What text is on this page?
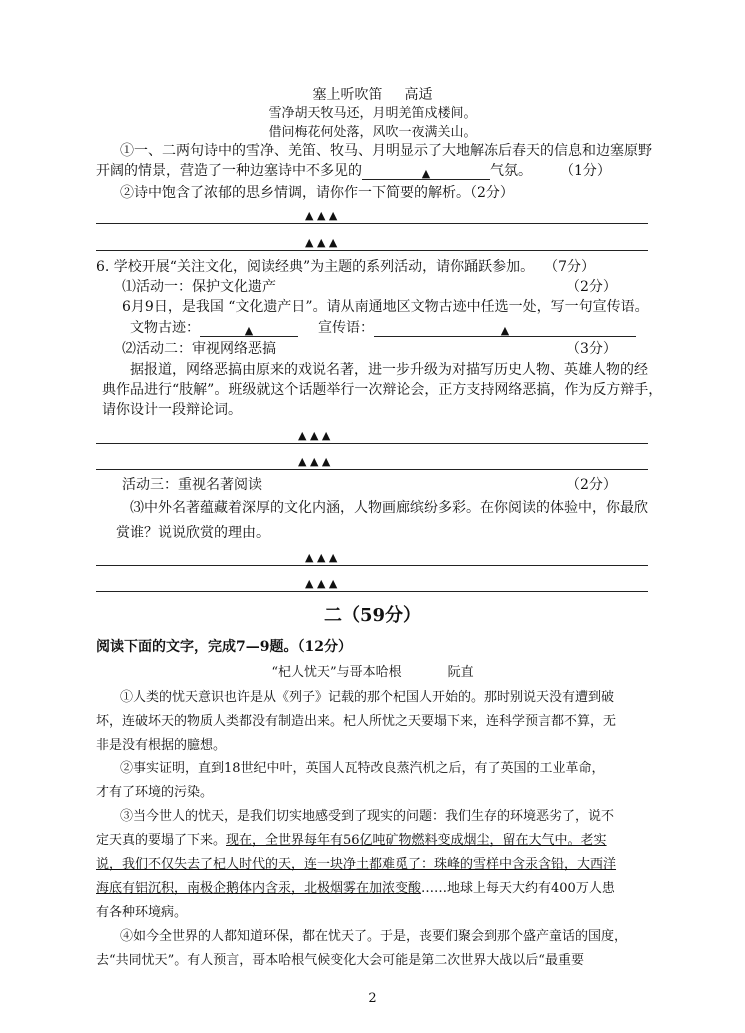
塞上听吹笛 高适
雪净胡天牧马还，月明羌笛戍楼间。
借问梅花何处落，风吹一夜满关山。
①一、二两句诗中的雪净、羌笛、牧马、月明显示了大地解冻后春天的信息和边塞原野
开阔的情景，营造了一种边塞诗中不多见的	▲	气氛。 （1分）
②诗中饱含了浓郁的思乡情调，请你作一下简要的解析。（2分）
▲ ▲ ▲
▲ ▲ ▲
6. 学校开展“关注文化，阅读经典”为主题的系列活动，请你踊跃参加。 （7分）
⑴活动一：保护文化遗产	（2分）
6月9日，是我国 “文化遗产日”。请从南通地区文物古迹中任选一处，写一句宣传语。
文物古迹：	▲	宣传语：	▲
⑵活动二：审视网络恶搞	（3分）
据报道，网络恶搞由原来的戏说名著，进一步升级为对描写历史人物、英雄人物的经
典作品进行“肢解”。班级就这个话题举行一次辩论会，正方支持网络恶搞，作为反方辩手，
请你设计一段辩论词。
▲ ▲ ▲
▲ ▲ ▲
活动三：重视名著阅读	（2分）
⑶中外名著蕴藏着深厚的文化内涵，人物画廊缤纷多彩。在你阅读的体验中，你最欣
赏谁？说说欣赏的理由。
▲ ▲ ▲
▲ ▲ ▲
二（59分）
阅读下面的文字，完成7—9题。（12分）
“杞人忧天”与哥本哈根	阮直
①人类的忧天意识也许是从《列子》记载的那个杞国人开始的。那时别说天没有遭到破
坏，连破坏天的物质人类都没有制造出来。杞人所忧之天要塌下来，连科学预言都不算，无
非是没有根据的臆想。
②事实证明，直到18世纪中叶，英国人瓦特改良蒸汽机之后，有了英国的工业革命，
才有了环境的污染。
③当今世人的忧天，是我们切实地感受到了现实的问题：我们生存的环境恶劣了，说不
定天真的要塌了下来。现在，全世界每年有56亿吨矿物燃料变成烟尘，留在大气中。老实
说，我们不仅失去了杞人时代的天，连一块净土都难觅了：珠峰的雪样中含汞含铅，大西洋
海底有铝沉积，南极企鹅体内含汞，北极烟雾在加浓变酸……地球上每天大约有400万人患
有各种环境病。
④如今全世界的人都知道环保，都在忧天了。于是，丧要们聚会到那个盛产童话的国度，
去“共同忧天”。有人预言，哥本哈根气候变化大会可能是第二次世界大战以后“最重要
2
